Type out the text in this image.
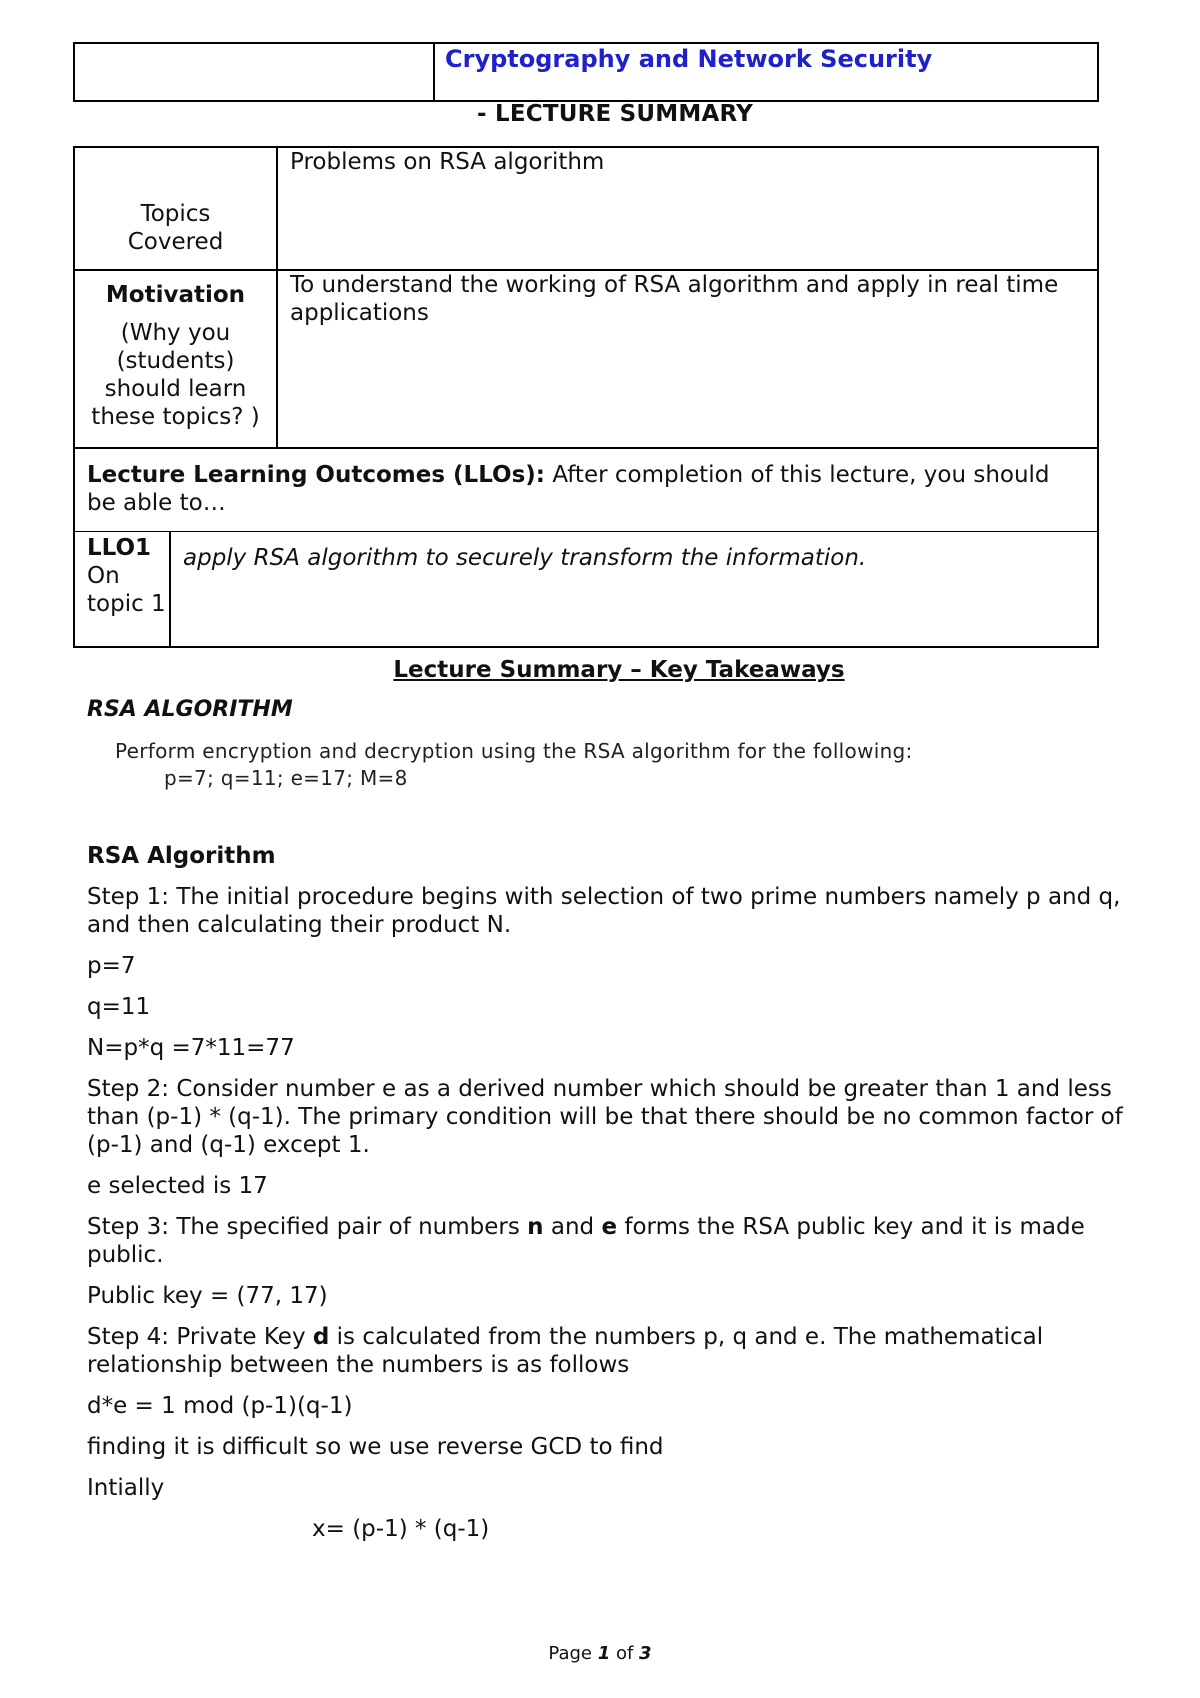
Cryptography and Network Security
- LECTURE SUMMARY
Topics
Covered
Problems on RSA algorithm
Motivation
(Why you (students) should learn these topics? )
To understand the working of RSA algorithm and apply in real time applications
Lecture Learning Outcomes (LLOs): After completion of this lecture, you should be able to…
LLO1
On topic 1
apply RSA algorithm to securely transform the information.
Lecture Summary – Key Takeaways
RSA ALGORITHM
Perform encryption and decryption using the RSA algorithm for the following:
p=7; q=11; e=17; M=8

RSA Algorithm

Step 1: The initial procedure begins with selection of two prime numbers namely p and q, and then calculating their product N.

p=7

q=11

N=p*q =7*11=77

Step 2: Consider number e as a derived number which should be greater than 1 and less than (p-1) * (q-1). The primary condition will be that there should be no common factor of (p-1) and (q-1) except 1.

e selected is 17

Step 3: The specified pair of numbers n and e forms the RSA public key and it is made public.

Public key = (77, 17)

Step 4: Private Key d is calculated from the numbers p, q and e. The mathematical relationship between the numbers is as follows

d*e = 1 mod (p-1)(q-1)

finding it is difficult so we use reverse GCD to find

Intially

x= (p-1) * (q-1)

Page 1 of 3
